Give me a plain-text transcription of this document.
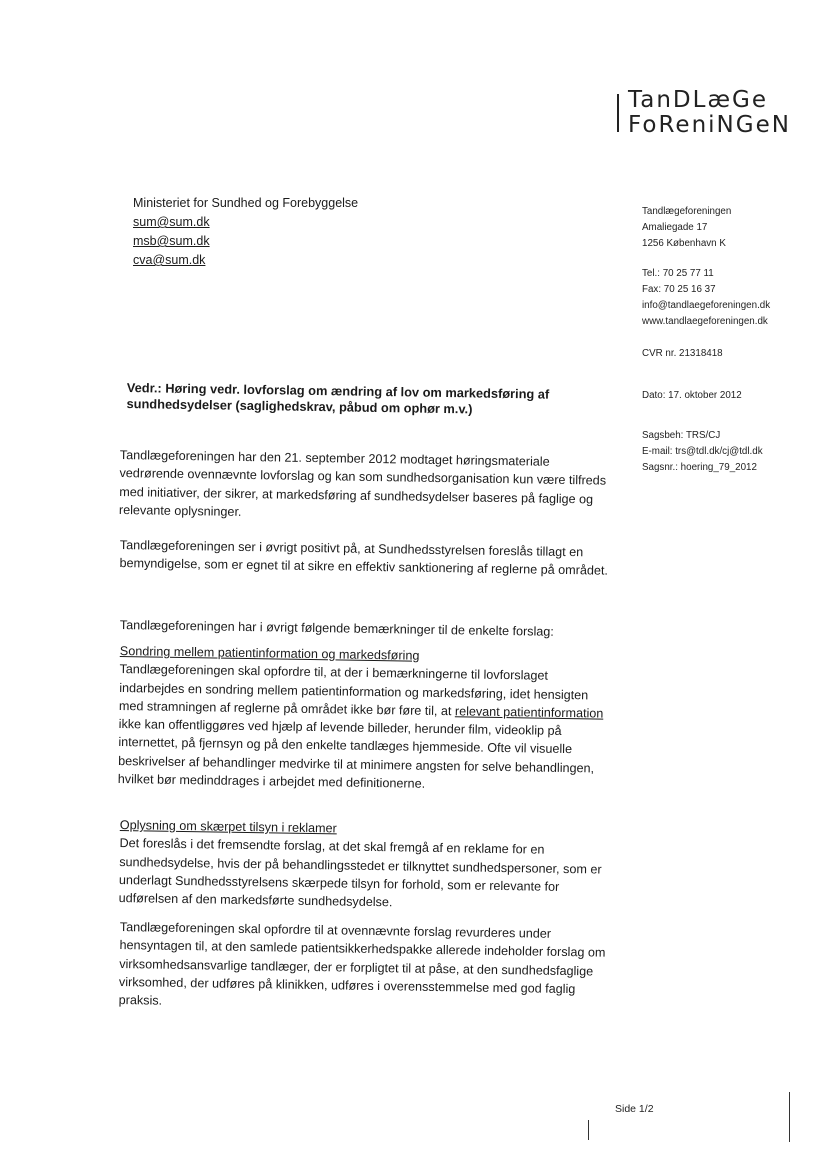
TanDLæGe
FoReniNGeN
Ministeriet for Sundhed og Forebyggelse
sum@sum.dk
msb@sum.dk
cva@sum.dk
Tandlægeforeningen
Amaliegade 17
1256 København K
Tel.: 70 25 77 11
Fax: 70 25 16 37
info@tandlaegeforeningen.dk
www.tandlaegeforeningen.dk
CVR nr. 21318418
Dato: 17. oktober 2012
Sagsbeh: TRS/CJ
E-mail: trs@tdl.dk/cj@tdl.dk
Sagsnr.: hoering_79_2012
Vedr.: Høring vedr. lovforslag om ændring af lov om markedsføring af sundhedsydelser (saglighedskrav, påbud om ophør m.v.)

Tandlægeforeningen har den 21. september 2012 modtaget høringsmateriale vedrørende ovennævnte lovforslag og kan som sundhedsorganisation kun være tilfreds med initiativer, der sikrer, at markedsføring af sundhedsydelser baseres på faglige og relevante oplysninger.

Tandlægeforeningen ser i øvrigt positivt på, at Sundhedsstyrelsen foreslås tillagt en bemyndigelse, som er egnet til at sikre en effektiv sanktionering af reglerne på området.

Tandlægeforeningen har i øvrigt følgende bemærkninger til de enkelte forslag:

Sondring mellem patientinformation og markedsføring

Tandlægeforeningen skal opfordre til, at der i bemærkningerne til lovforslaget indarbejdes en sondring mellem patientinformation og markedsføring, idet hensigten med stramningen af reglerne på området ikke bør føre til, at relevant patientinformation ikke kan offentliggøres ved hjælp af levende billeder, herunder film, videoklip på internettet, på fjernsyn og på den enkelte tandlæges hjemmeside. Ofte vil visuelle beskrivelser af behandlinger medvirke til at minimere angsten for selve behandlingen, hvilket bør medinddrages i arbejdet med definitionerne.

Oplysning om skærpet tilsyn i reklamer

Det foreslås i det fremsendte forslag, at det skal fremgå af en reklame for en sundhedsydelse, hvis der på behandlingsstedet er tilknyttet sundhedspersoner, som er underlagt Sundhedsstyrelsens skærpede tilsyn for forhold, som er relevante for udførelsen af den markedsførte sundhedsydelse.

Tandlægeforeningen skal opfordre til at ovennævnte forslag revurderes under hensyntagen til, at den samlede patientsikkerhedspakke allerede indeholder forslag om virksomhedsansvarlige tandlæger, der er forpligtet til at påse, at den sundhedsfaglige virksomhed, der udføres på klinikken, udføres i overensstemmelse med god faglig praksis.

Side 1/2
